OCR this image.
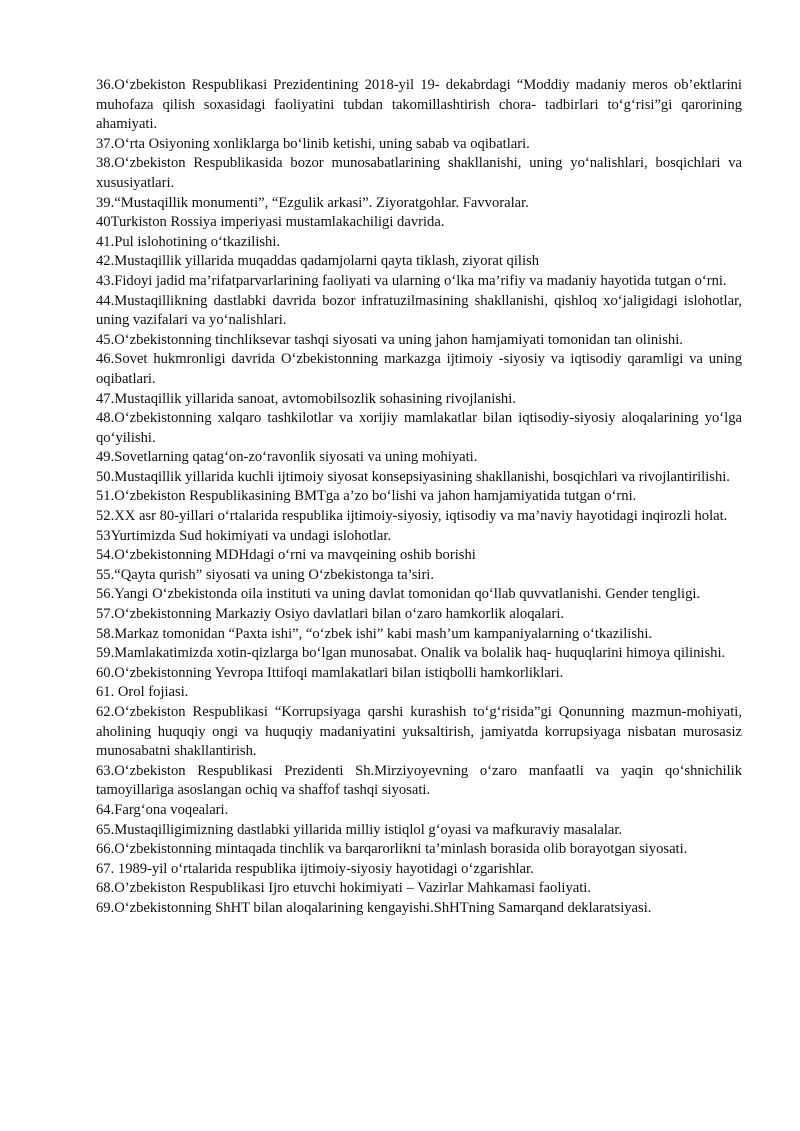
36.O‘zbekiston Respublikasi Prezidentining 2018-yil 19- dekabrdagi “Moddiy madaniy meros ob’ektlarini muhofaza qilish soxasidagi faoliyatini tubdan takomillashtirish chora- tadbirlari to‘g‘risi”gi qarorining ahamiyati.

37.O‘rta Osiyoning xonliklarga bo‘linib ketishi, uning sabab va oqibatlari.

38.O‘zbekiston Respublikasida bozor munosabatlarining shakllanishi, uning yo‘nalishlari, bosqichlari va xususiyatlari.

39.“Mustaqillik monumenti”, “Ezgulik arkasi”. Ziyoratgohlar. Favvoralar.

40Turkiston Rossiya imperiyasi mustamlakachiligi davrida.

41.Pul islohotining o‘tkazilishi.

42.Mustaqillik yillarida muqaddas qadamjolarni qayta tiklash, ziyorat qilish

43.Fidoyi jadid ma’rifatparvarlarining faoliyati va ularning o‘lka ma’rifiy va madaniy hayotida tutgan o‘rni.

44.Mustaqillikning dastlabki davrida bozor infratuzilmasining shakllanishi, qishloq xo‘jaligidagi islohotlar, uning vazifalari va yo‘nalishlari.

45.O‘zbekistonning tinchliksevar tashqi siyosati va uning jahon hamjamiyati tomonidan tan olinishi.

46.Sovet hukmronligi davrida O‘zbekistonning markazga ijtimoiy -siyosiy va iqtisodiy qaramligi va uning oqibatlari.

47.Mustaqillik yillarida sanoat, avtomobilsozlik sohasining rivojlanishi.

48.O‘zbekistonning xalqaro tashkilotlar va xorijiy mamlakatlar bilan iqtisodiy-siyosiy aloqalarining yo‘lga qo‘yilishi.

49.Sovetlarning qatag‘on-zo‘ravonlik siyosati va uning mohiyati.

50.Mustaqillik yillarida kuchli ijtimoiy siyosat konsepsiyasining shakllanishi, bosqichlari va rivojlantirilishi.

51.O‘zbekiston Respublikasining BMTga a’zo bo‘lishi va jahon hamjamiyatida tutgan o‘rni.

52.XX asr 80-yillari o‘rtalarida respublika ijtimoiy-siyosiy, iqtisodiy va ma’naviy hayotidagi inqirozli holat.

53Yurtimizda Sud hokimiyati va undagi islohotlar.

54.O‘zbekistonning MDHdagi o‘rni va mavqeining oshib borishi

55.“Qayta qurish” siyosati va uning O‘zbekistonga ta’siri.

56.Yangi O‘zbekistonda oila instituti va uning davlat tomonidan qo‘llab quvvatlanishi. Gender tengligi.

57.O‘zbekistonning Markaziy Osiyo davlatlari bilan o‘zaro hamkorlik aloqalari.

58.Markaz tomonidan “Paxta ishi”, “o‘zbek ishi” kabi mash’um kampaniyalarning o‘tkazilishi.

59.Mamlakatimizda xotin-qizlarga bo‘lgan munosabat. Onalik va bolalik haq- huquqlarini himoya qilinishi.

60.O‘zbekistonning Yevropa Ittifoqi mamlakatlari bilan istiqbolli hamkorliklari.

61. Orol fojiasi.

62.O‘zbekiston Respublikasi “Korrupsiyaga qarshi kurashish to‘g‘risida”gi Qonunning mazmun-mohiyati, aholining huquqiy ongi va huquqiy madaniyatini yuksaltirish, jamiyatda korrupsiyaga nisbatan murosasiz munosabatni shakllantirish.

63.O‘zbekiston Respublikasi Prezidenti Sh.Mirziyoyevning o‘zaro manfaatli va yaqin qo‘shnichilik tamoyillariga asoslangan ochiq va shaffof tashqi siyosati.

64.Farg‘ona voqealari.

65.Mustaqilligimizning dastlabki yillarida milliy istiqlol g‘oyasi va mafkuraviy masalalar.

66.O‘zbekistonning mintaqada tinchlik va barqarorlikni ta’minlash borasida olib borayotgan siyosati.

67. 1989-yil o‘rtalarida respublika ijtimoiy-siyosiy hayotidagi o‘zgarishlar.

68.O’zbekiston Respublikasi Ijro etuvchi hokimiyati – Vazirlar Mahkamasi faoliyati.

69.O‘zbekistonning ShHT bilan aloqalarining kengayishi.ShHTning Samarqand deklaratsiyasi.
